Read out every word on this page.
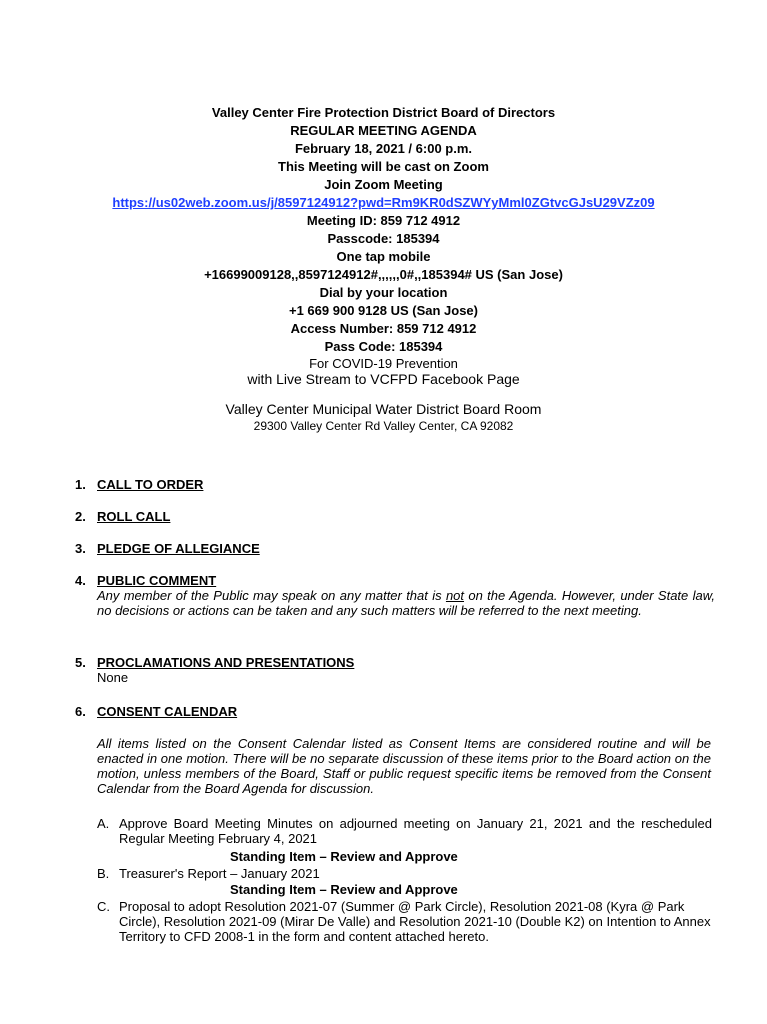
Valley Center Fire Protection District Board of Directors
REGULAR MEETING AGENDA
February 18, 2021 / 6:00 p.m.
This Meeting will be cast on Zoom
Join Zoom Meeting
https://us02web.zoom.us/j/8597124912?pwd=Rm9KR0dSZWYyMml0ZGtvcGJsU29VZz09
Meeting ID: 859 712 4912
Passcode: 185394
One tap mobile
+16699009128,,8597124912#,,,,,,0#,,185394# US (San Jose)
Dial by your location
+1 669 900 9128 US (San Jose)
Access Number: 859 712 4912
Pass Code: 185394
For COVID-19 Prevention
with Live Stream to VCFPD Facebook Page
Valley Center Municipal Water District Board Room
29300 Valley Center Rd Valley Center, CA 92082
1. CALL TO ORDER
2. ROLL CALL
3. PLEDGE OF ALLEGIANCE
4. PUBLIC COMMENT
Any member of the Public may speak on any matter that is not on the Agenda. However, under State law, no decisions or actions can be taken and any such matters will be referred to the next meeting.
5. PROCLAMATIONS AND PRESENTATIONS
None
6. CONSENT CALENDAR
All items listed on the Consent Calendar listed as Consent Items are considered routine and will be enacted in one motion. There will be no separate discussion of these items prior to the Board action on the motion, unless members of the Board, Staff or public request specific items be removed from the Consent Calendar from the Board Agenda for discussion.
A. Approve Board Meeting Minutes on adjourned meeting on January 21, 2021 and the rescheduled Regular Meeting February 4, 2021
Standing Item – Review and Approve
B. Treasurer's Report – January 2021
Standing Item – Review and Approve
C. Proposal to adopt Resolution 2021-07 (Summer @ Park Circle), Resolution 2021-08 (Kyra @ Park Circle), Resolution 2021-09 (Mirar De Valle) and Resolution 2021-10 (Double K2) on Intention to Annex Territory to CFD 2008-1 in the form and content attached hereto.
